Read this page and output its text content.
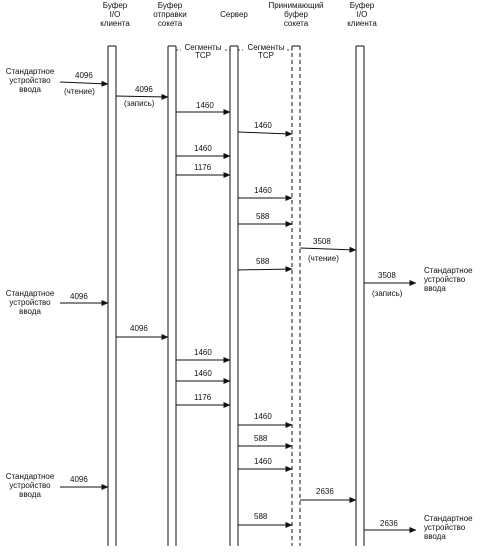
Буфер I/O клиента
Буфер отправки сокета
Сервер
Принимающий буфер сокета
Буфер I/O клиента
Сегменты TCP
Сегменты TCP
Стандартное устройство ввода
Стандартное устройство ввода
Стандартное устройство ввода
Стандартное устройство ввода
Стандартное устройство ввода
4096
(чтение)	4096
(запись)	1460
1460
1460
1176
1460
588
3508
(чтение)
588
3508
(запись)
4096
4096
1460
1460
1176
1460
588
1460
4096
2636
588
2636
